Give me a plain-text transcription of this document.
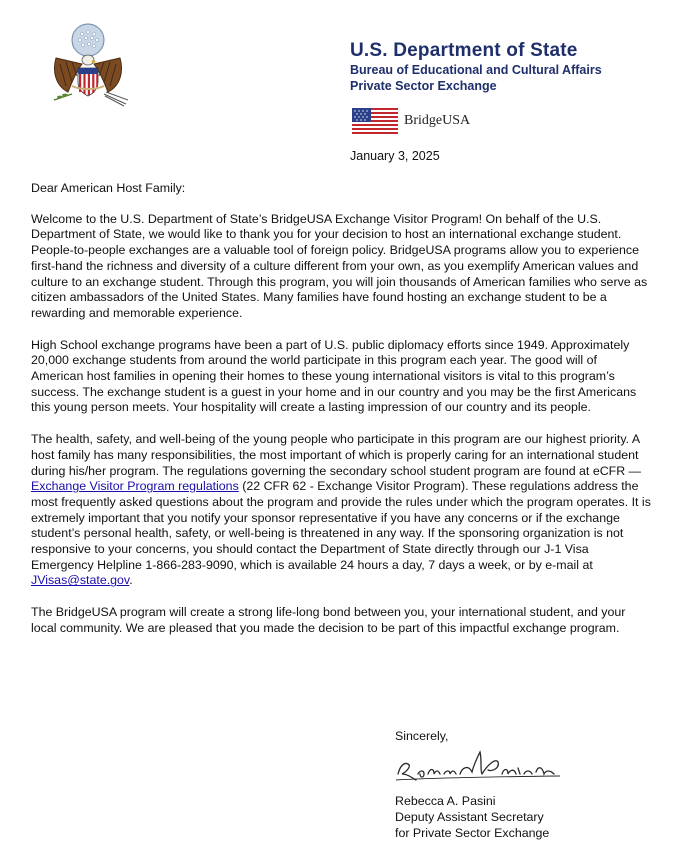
U.S. Department of State
Bureau of Educational and Cultural Affairs
Private Sector Exchange
BridgeUSA
January 3, 2025

Dear American Host Family:

Welcome to the U.S. Department of State’s BridgeUSA Exchange Visitor Program! On behalf of the U.S. Department of State, we would like to thank you for your decision to host an international exchange student. People-to-people exchanges are a valuable tool of foreign policy. BridgeUSA programs allow you to experience first-hand the richness and diversity of a culture different from your own, as you exemplify American values and culture to an exchange student. Through this program, you will join thousands of American families who serve as citizen ambassadors of the United States. Many families have found hosting an exchange student to be a rewarding and memorable experience.

High School exchange programs have been a part of U.S. public diplomacy efforts since 1949. Approximately 20,000 exchange students from around the world participate in this program each year. The good will of American host families in opening their homes to these young international visitors is vital to this program’s success. The exchange student is a guest in your home and in our country and you may be the first Americans this young person meets. Your hospitality will create a lasting impression of our country and its people.

The health, safety, and well-being of the young people who participate in this program are our highest priority. A host family has many responsibilities, the most important of which is properly caring for an international student during his/her program. The regulations governing the secondary school student program are found at eCFR — Exchange Visitor Program regulations (22 CFR 62 - Exchange Visitor Program). These regulations address the most frequently asked questions about the program and provide the rules under which the program operates. It is extremely important that you notify your sponsor representative if you have any concerns or if the exchange student’s personal health, safety, or well-being is threatened in any way. If the sponsoring organization is not responsive to your concerns, you should contact the Department of State directly through our J-1 Visa Emergency Helpline 1-866-283-9090, which is available 24 hours a day, 7 days a week, or by e-mail at JVisas@state.gov.

The BridgeUSA program will create a strong life-long bond between you, your international student, and your local community. We are pleased that you made the decision to be part of this impactful exchange program.

Sincerely,
Rebecca A. Pasini
Deputy Assistant Secretary
for Private Sector Exchange
